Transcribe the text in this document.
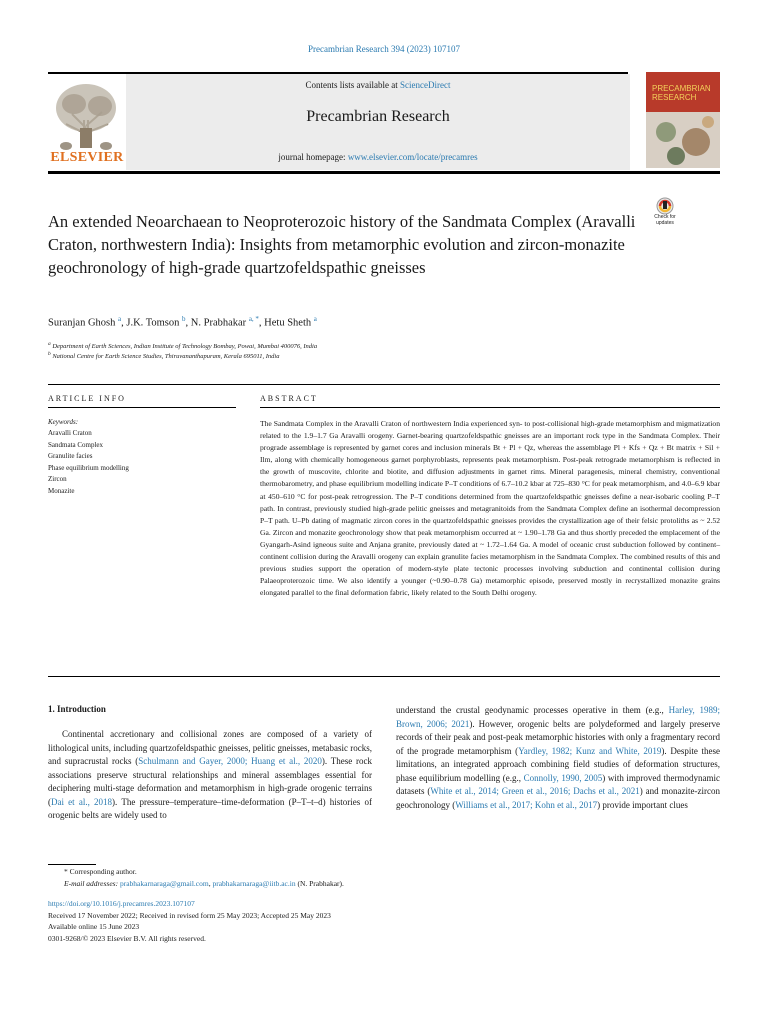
Precambrian Research 394 (2023) 107107
Contents lists available at ScienceDirect
Precambrian Research
journal homepage: www.elsevier.com/locate/precamres
ELSEVIER
PRECAMBRIAN
RESEARCH
Check for updates
An extended Neoarchaean to Neoproterozoic history of the Sandmata Complex (Aravalli Craton, northwestern India): Insights from metamorphic evolution and zircon-monazite geochronology of high-grade quartzofeldspathic gneisses
Suranjan Ghosh $^a$, J.K. Tomson $^b$, N. Prabhakar $^{a, *}$, Hetu Sheth $^a$
$^a$ Department of Earth Sciences, Indian Institute of Technology Bombay, Powai, Mumbai 400076, India
$^b$ National Centre for Earth Science Studies, Thiruvananthapuram, Kerala 695011, India
ARTICLE INFO
Keywords:
Aravalli Craton
Sandmata Complex
Granulite facies
Phase equilibrium modelling
Zircon
Monazite
ABSTRACT
The Sandmata Complex in the Aravalli Craton of northwestern India experienced syn- to post-collisional high-grade metamorphism and migmatization related to the 1.9–1.7 Ga Aravalli orogeny. Garnet-bearing quartzofeldspathic gneisses are an important rock type in the Sandmata Complex. Their prograde assemblage is represented by garnet cores and inclusion minerals Bt + Pl + Qz, whereas the assemblage Pl + Kfs + Qz + Bt matrix + Sil + Ilm, along with chemically homogeneous garnet porphyroblasts, represents peak metamorphism. Post-peak retrograde metamorphism is reflected in the growth of muscovite, chlorite and biotite, and diffusion adjustments in garnet rims. Mineral paragenesis, mineral chemistry, conventional thermobarometry, and phase equilibrium modelling indicate P–T conditions of 6.7–10.2 kbar at 725–830 °C for peak metamorphism, and 4.0–6.9 kbar at 450–610 °C for post-peak retrogression. The P–T conditions determined from the quartzofeldspathic gneisses define a near-isobaric cooling P–T path. In contrast, previously studied high-grade pelitic gneisses and metagranitoids from the Sandmata Complex define an isothermal decompression P–T path. U–Pb dating of magmatic zircon cores in the quartzofeldspathic gneisses provides the crystallization age of their felsic protoliths as ~ 2.52 Ga. Zircon and monazite geochronology show that peak metamorphism occurred at ~ 1.90–1.78 Ga and thus shortly preceded the emplacement of the Gyangarh-Asind igneous suite and Anjana granite, previously dated at ~ 1.72–1.64 Ga. A model of oceanic crust subduction followed by continent–continent collision during the Aravalli orogeny can explain granulite facies metamorphism in the Sandmata Complex. The combined results of this and previous studies support the operation of modern-style plate tectonic processes involving subduction and continental collision during Palaeoproterozoic time. We also identify a younger (~0.90–0.78 Ga) metamorphic episode, preserved mostly in recrystallized monazite grains elongated parallel to the final deformation fabric, likely related to the South Delhi orogeny.
1. Introduction
Continental accretionary and collisional zones are composed of a variety of lithological units, including quartzofeldspathic gneisses, pelitic gneisses, metabasic rocks, and supracrustal rocks (Schulmann and Gayer, 2000; Huang et al., 2020). These rock associations preserve structural relationships and mineral assemblages essential for deciphering multi-stage deformation and metamorphism in high-grade orogenic terrains (Dai et al., 2018). The pressure–temperature–time-deformation (P–T–t–d) histories of orogenic belts are widely used to
understand the crustal geodynamic processes operative in them (e.g., Harley, 1989; Brown, 2006; 2021). However, orogenic belts are polydeformed and largely preserve records of their peak and post-peak metamorphic histories with only a fragmentary record of the prograde metamorphism (Yardley, 1982; Kunz and White, 2019). Despite these limitations, an integrated approach combining field studies of deformation structures, phase equilibrium modelling (e.g., Connolly, 1990, 2005) with improved thermodynamic datasets (White et al., 2014; Green et al., 2016; Dachs et al., 2021) and monazite-zircon geochronology (Williams et al., 2017; Kohn et al., 2017) provide important clues
* Corresponding author.
E-mail addresses: prabhakarnaraga@gmail.com, prabhakarnaraga@iitb.ac.in (N. Prabhakar).
https://doi.org/10.1016/j.precamres.2023.107107
Received 17 November 2022; Received in revised form 25 May 2023; Accepted 25 May 2023
Available online 15 June 2023
0301-9268/© 2023 Elsevier B.V. All rights reserved.
